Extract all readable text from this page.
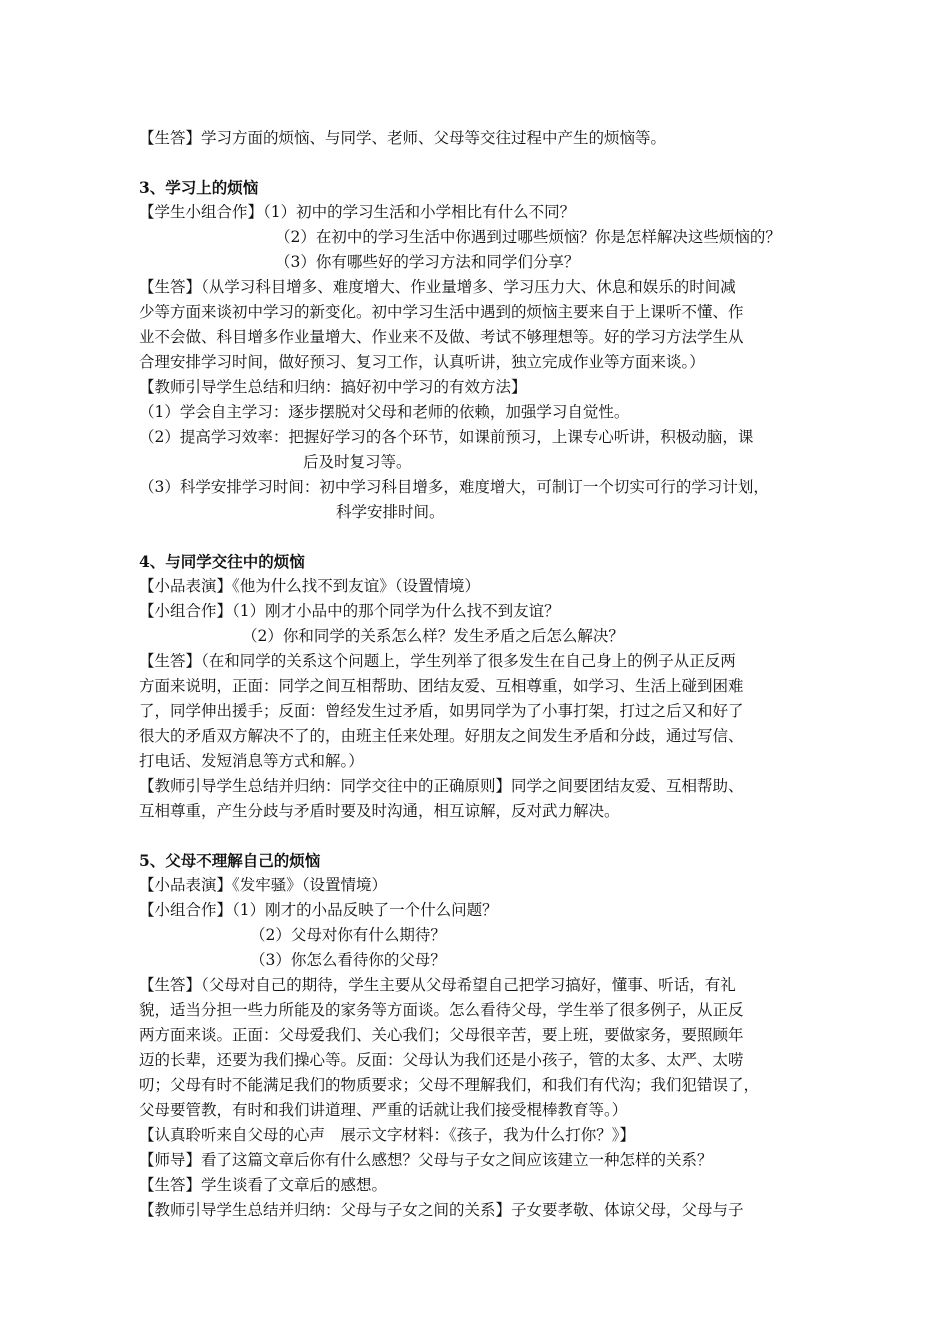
【生答】学习方面的烦恼、与同学、老师、父母等交往过程中产生的烦恼等。
3、学习上的烦恼
【学生小组合作】（1）初中的学习生活和小学相比有什么不同？
（2）在初中的学习生活中你遇到过哪些烦恼？你是怎样解决这些烦恼的？
（3）你有哪些好的学习方法和同学们分享？
【生答】（从学习科目增多、难度增大、作业量增多、学习压力大、休息和娱乐的时间减
少等方面来谈初中学习的新变化。初中学习生活中遇到的烦恼主要来自于上课听不懂、作
业不会做、科目增多作业量增大、作业来不及做、考试不够理想等。好的学习方法学生从
合理安排学习时间，做好预习、复习工作，认真听讲，独立完成作业等方面来谈。）
【教师引导学生总结和归纳：搞好初中学习的有效方法】
（1）学会自主学习：逐步摆脱对父母和老师的依赖，加强学习自觉性。
（2）提高学习效率：把握好学习的各个环节，如课前预习，上课专心听讲，积极动脑，课
后及时复习等。
（3）科学安排学习时间：初中学习科目增多，难度增大，可制订一个切实可行的学习计划，
科学安排时间。
4、与同学交往中的烦恼
【小品表演】《他为什么找不到友谊》（设置情境）
【小组合作】（1）刚才小品中的那个同学为什么找不到友谊？
（2）你和同学的关系怎么样？发生矛盾之后怎么解决？
【生答】（在和同学的关系这个问题上，学生列举了很多发生在自己身上的例子从正反两
方面来说明，正面：同学之间互相帮助、团结友爱、互相尊重，如学习、生活上碰到困难
了，同学伸出援手；反面：曾经发生过矛盾，如男同学为了小事打架，打过之后又和好了
很大的矛盾双方解决不了的，由班主任来处理。好朋友之间发生矛盾和分歧，通过写信、
打电话、发短消息等方式和解。）
【教师引导学生总结并归纳：同学交往中的正确原则】同学之间要团结友爱、互相帮助、
互相尊重，产生分歧与矛盾时要及时沟通，相互谅解，反对武力解决。
5、父母不理解自己的烦恼
【小品表演】《发牢骚》（设置情境）
【小组合作】（1）刚才的小品反映了一个什么问题？
（2）父母对你有什么期待？
（3）你怎么看待你的父母？
【生答】（父母对自己的期待，学生主要从父母希望自己把学习搞好，懂事、听话，有礼
貌，适当分担一些力所能及的家务等方面谈。怎么看待父母，学生举了很多例子，从正反
两方面来谈。正面：父母爱我们、关心我们；父母很辛苦，要上班，要做家务，要照顾年
迈的长辈，还要为我们操心等。反面：父母认为我们还是小孩子，管的太多、太严、太唠
叨；父母有时不能满足我们的物质要求；父母不理解我们，和我们有代沟；我们犯错误了，
父母要管教，有时和我们讲道理、严重的话就让我们接受棍棒教育等。）
【认真聆听来自父母的心声　展示文字材料：《孩子，我为什么打你？》】
【师导】看了这篇文章后你有什么感想？父母与子女之间应该建立一种怎样的关系？
【生答】学生谈看了文章后的感想。
【教师引导学生总结并归纳：父母与子女之间的关系】子女要孝敬、体谅父母，父母与子
